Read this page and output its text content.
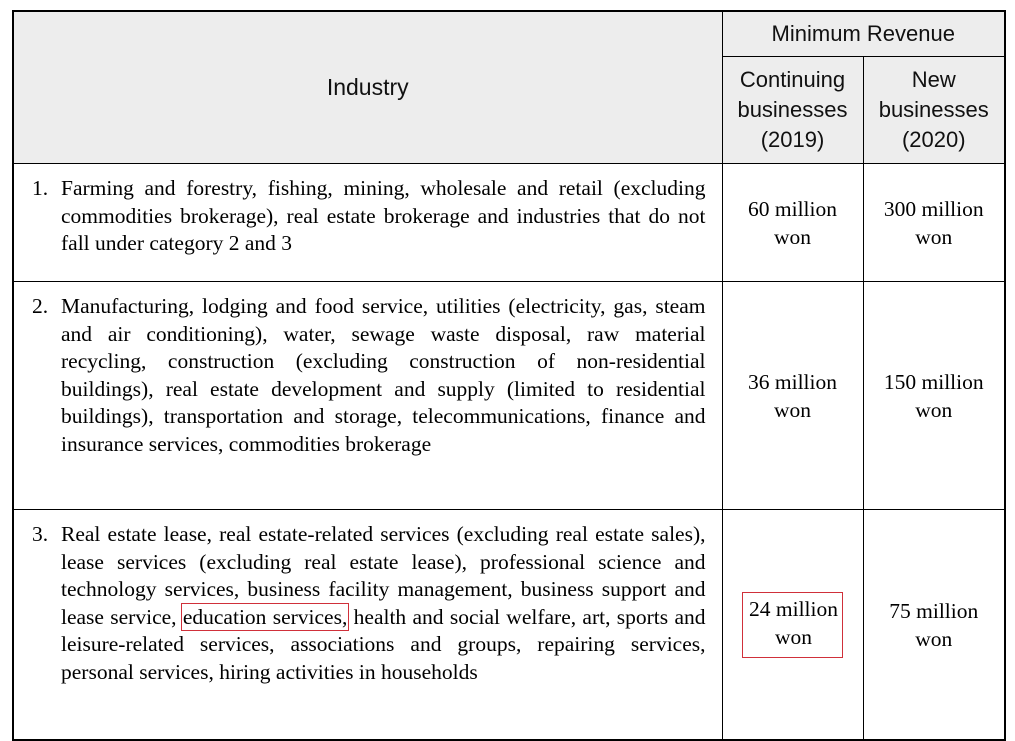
Industry	Minimum Revenue	

	Continuing
businesses
(2019)	New
businesses
(2020)

1. Farming and forestry, fishing, mining, wholesale and retail (excluding commodities brokerage), real estate brokerage and industries that do not fall under category 2 and 3	60 million
won	300 million
won

2. Manufacturing, lodging and food service, utilities (electricity, gas, steam and air conditioning), water, sewage waste disposal, raw material recycling, construction (excluding construction of non-residential buildings), real estate development and supply (limited to residential buildings), transportation and storage, telecommunications, finance and insurance services, commodities brokerage	36 million
won	150 million
won

3. Real estate lease, real estate-related services (excluding real estate sales), lease services (excluding real estate lease), professional science and technology services, business facility management, business support and lease service, education services, health and social welfare, art, sports and leisure-related services, associations and groups, repairing services, personal services, hiring activities in households	24 million
won	75 million
won
